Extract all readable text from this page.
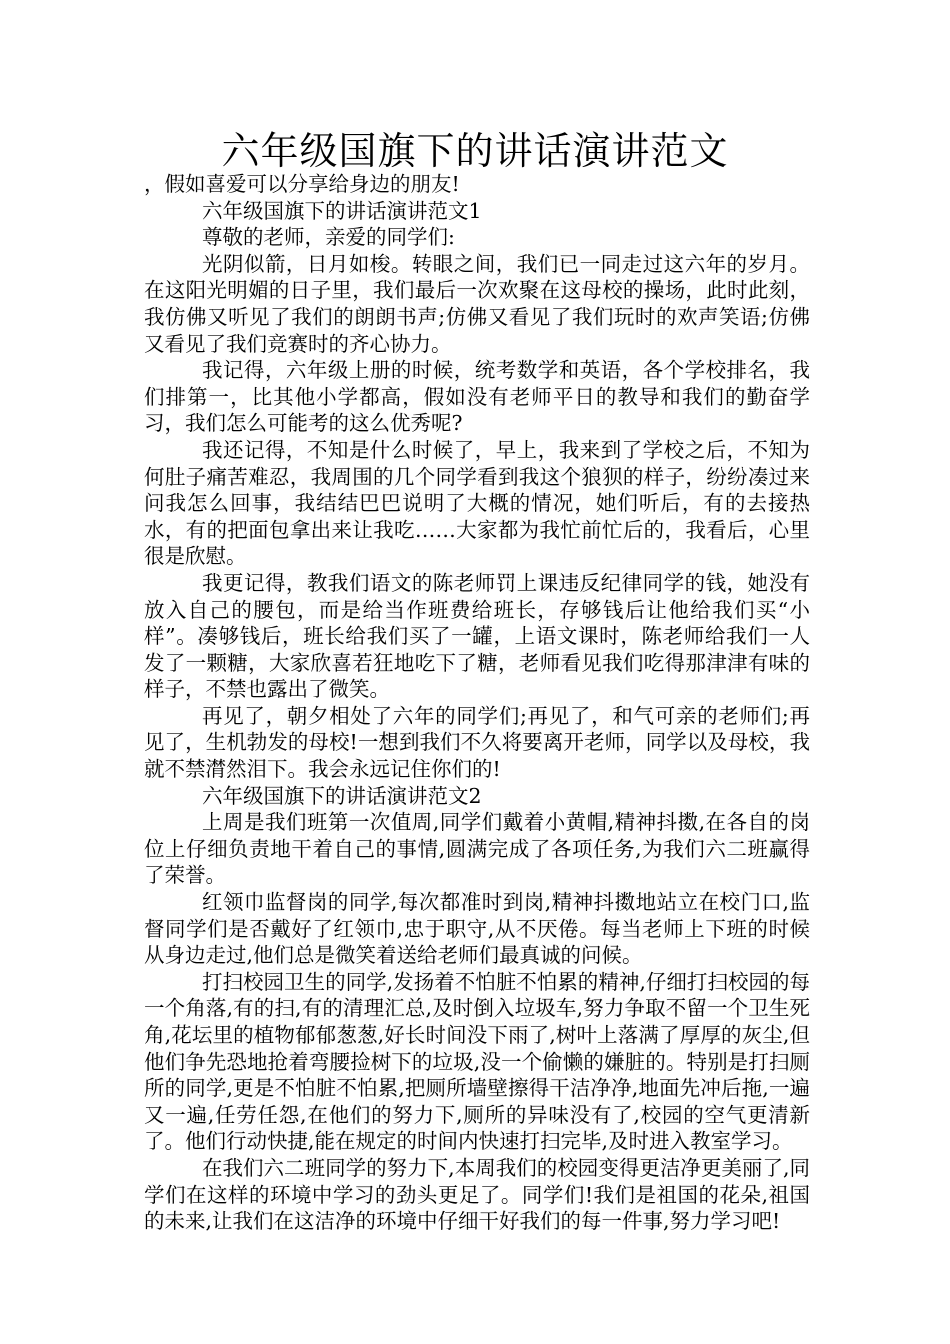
六年级国旗下的讲话演讲范文

，假如喜爱可以分享给身边的朋友!

六年级国旗下的讲话演讲范文1

尊敬的老师，亲爱的同学们:

光阴似箭，日月如梭。转眼之间，我们已一同走过这六年的岁月。在这阳光明媚的日子里，我们最后一次欢聚在这母校的操场，此时此刻，我仿佛又听见了我们的朗朗书声;仿佛又看见了我们玩时的欢声笑语;仿佛又看见了我们竞赛时的齐心协力。

我记得，六年级上册的时候，统考数学和英语，各个学校排名，我们排第一，比其他小学都高，假如没有老师平日的教导和我们的勤奋学习，我们怎么可能考的这么优秀呢?

我还记得，不知是什么时候了，早上，我来到了学校之后，不知为何肚子痛苦难忍，我周围的几个同学看到我这个狼狈的样子，纷纷凑过来问我怎么回事，我结结巴巴说明了大概的情况，她们听后，有的去接热水，有的把面包拿出来让我吃……大家都为我忙前忙后的，我看后，心里很是欣慰。

我更记得，教我们语文的陈老师罚上课违反纪律同学的钱，她没有放入自己的腰包，而是给当作班费给班长，存够钱后让他给我们买“小样”。凑够钱后，班长给我们买了一罐，上语文课时，陈老师给我们一人发了一颗糖，大家欣喜若狂地吃下了糖，老师看见我们吃得那津津有味的样子，不禁也露出了微笑。

再见了，朝夕相处了六年的同学们;再见了，和气可亲的老师们;再见了，生机勃发的母校!一想到我们不久将要离开老师，同学以及母校，我就不禁潸然泪下。我会永远记住你们的!

六年级国旗下的讲话演讲范文2

上周是我们班第一次值周,同学们戴着小黄帽,精神抖擞,在各自的岗位上仔细负责地干着自己的事情,圆满完成了各项任务,为我们六二班赢得了荣誉。

红领巾监督岗的同学,每次都准时到岗,精神抖擞地站立在校门口,监督同学们是否戴好了红领巾,忠于职守,从不厌倦。每当老师上下班的时候从身边走过,他们总是微笑着送给老师们最真诚的问候。

打扫校园卫生的同学,发扬着不怕脏不怕累的精神,仔细打扫校园的每一个角落,有的扫,有的清理汇总,及时倒入垃圾车,努力争取不留一个卫生死角,花坛里的植物郁郁葱葱,好长时间没下雨了,树叶上落满了厚厚的灰尘,但他们争先恐地抢着弯腰捡树下的垃圾,没一个偷懒的嫌脏的。特别是打扫厕所的同学,更是不怕脏不怕累,把厕所墙壁擦得干洁净净,地面先冲后拖,一遍又一遍,任劳任怨,在他们的努力下,厕所的异味没有了,校园的空气更清新了。他们行动快捷,能在规定的时间内快速打扫完毕,及时进入教室学习。

在我们六二班同学的努力下,本周我们的校园变得更洁净更美丽了,同学们在这样的环境中学习的劲头更足了。同学们!我们是祖国的花朵,祖国的未来,让我们在这洁净的环境中仔细干好我们的每一件事,努力学习吧!
